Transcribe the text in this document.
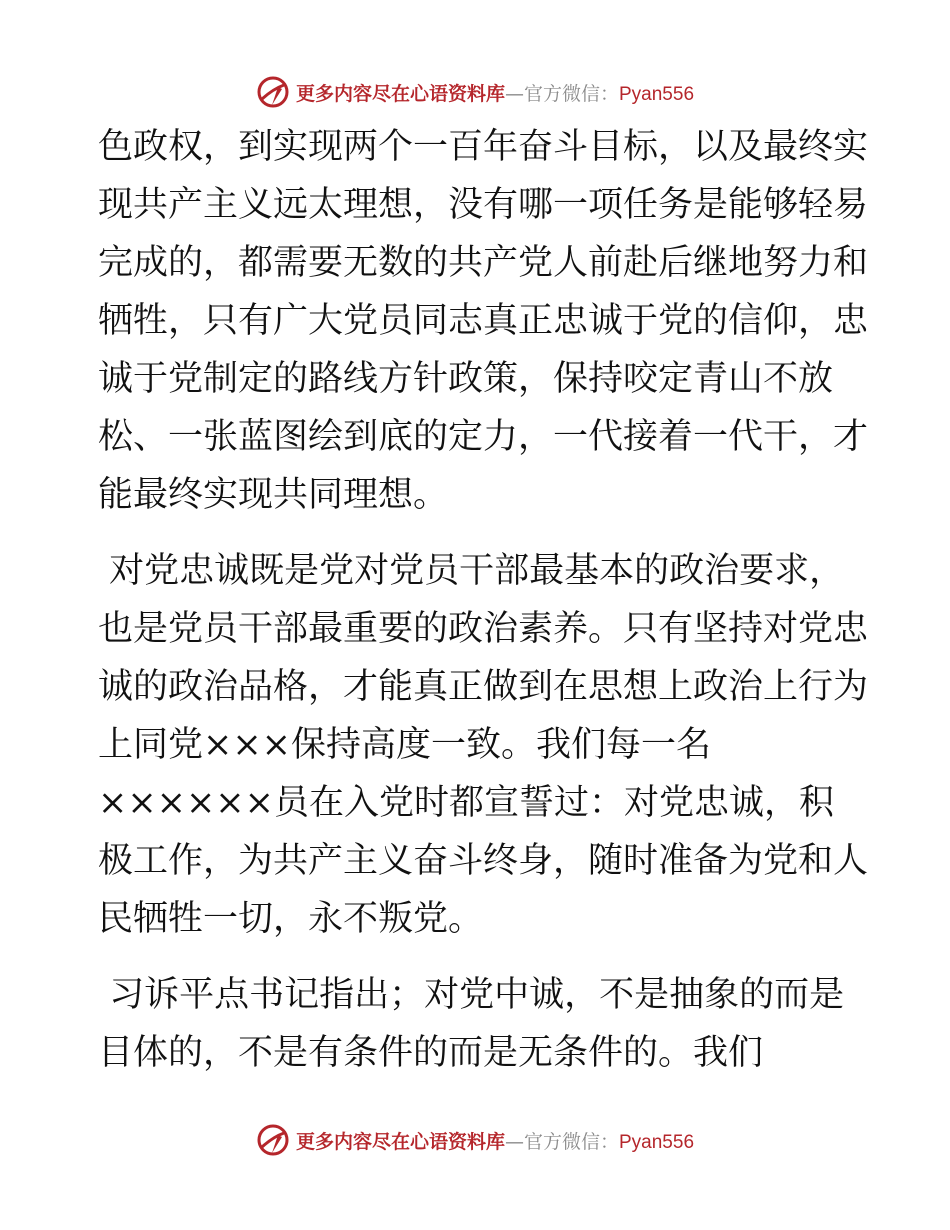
更多内容尽在心语资料库—官方微信：Pyan556
色政权，到实现两个一百年奋斗目标，以及最终实
现共产主义远太理想，没有哪一项任务是能够轻易
完成的，都需要无数的共产党人前赴后继地努力和
牺牲，只有广大党员同志真正忠诚于党的信仰，忠
诚于党制定的路线方针政策，保持咬定青山不放
松、一张蓝图绘到底的定力，一代接着一代干，才
能最终实现共同理想。
对党忠诚既是党对党员干部最基本的政治要求，
也是党员干部最重要的政治素养。只有坚持对党忠
诚的政治品格，才能真正做到在思想上政治上行为
上同党×××保持高度一致。我们每一名
××××××员在入党时都宣誓过：对党忠诚，积
极工作，为共产主义奋斗终身，随时准备为党和人
民牺牲一切，永不叛党。
习诉平点书记指出；对党中诚，不是抽象的而是
目体的，不是有条件的而是无条件的。我们
更多内容尽在心语资料库—官方微信：Pyan556
